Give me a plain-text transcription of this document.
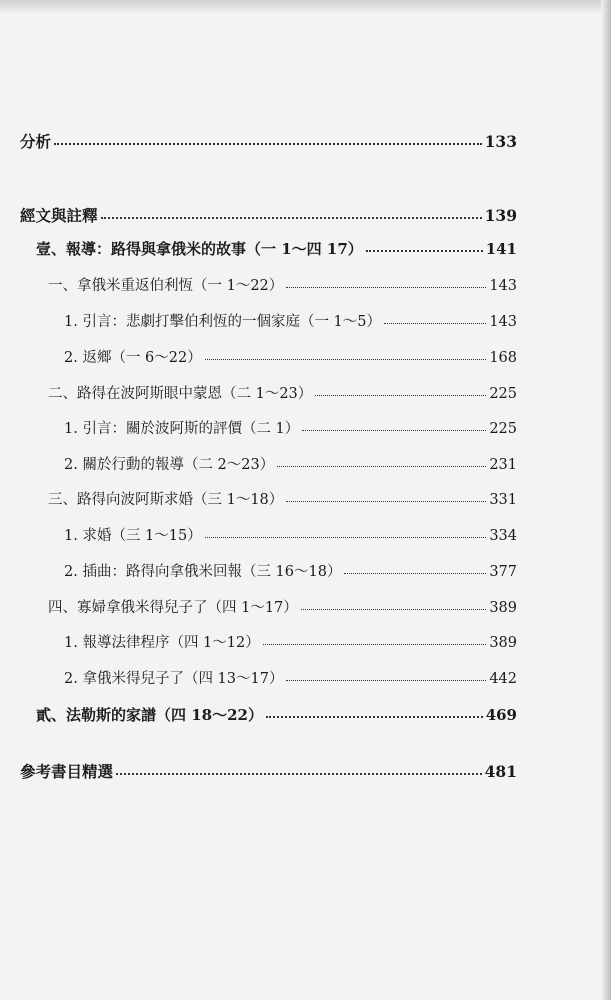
分析	133
經文與註釋	139
壹、報導：路得與拿俄米的故事（一 1～四 17）	141
一、拿俄米重返伯利恆（一 1～22）	143
1. 引言：悲劇打擊伯利恆的一個家庭（一 1～5）	143
2. 返鄉（一 6～22）	168
二、路得在波阿斯眼中蒙恩（二 1～23）	225
1. 引言：關於波阿斯的評價（二 1）	225
2. 關於行動的報導（二 2～23）	231
三、路得向波阿斯求婚（三 1～18）	331
1. 求婚（三 1～15）	334
2. 插曲：路得向拿俄米回報（三 16～18）	377
四、寡婦拿俄米得兒子了（四 1～17）	389
1. 報導法律程序（四 1～12）	389
2. 拿俄米得兒子了（四 13～17）	442
貳、法勒斯的家譜（四 18～22）	469
參考書目精選	481
